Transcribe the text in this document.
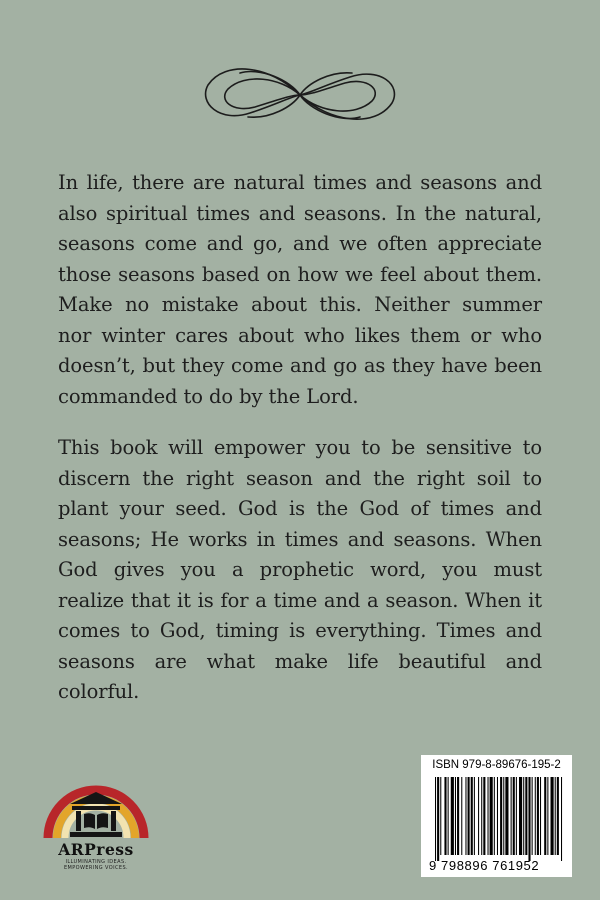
In life, there are natural times and seasons and also spiritual times and seasons. In the natural, seasons come and go, and we often appreciate those seasons based on how we feel about them. Make no mistake about this. Neither summer nor winter cares about who likes them or who doesn’t, but they come and go as they have been commanded to do by the Lord.

This book will empower you to be sensitive to discern the right season and the right soil to plant your seed. God is the God of times and seasons; He works in times and seasons. When God gives you a prophetic word, you must realize that it is for a time and a season. When it comes to God, timing is everything. Times and seasons are what make life beautiful and colorful.

ARPress
ILLUMINATING IDEAS.
EMPOWERING VOICES.
ISBN 979-8-89676-195-2
9 798896 761952
